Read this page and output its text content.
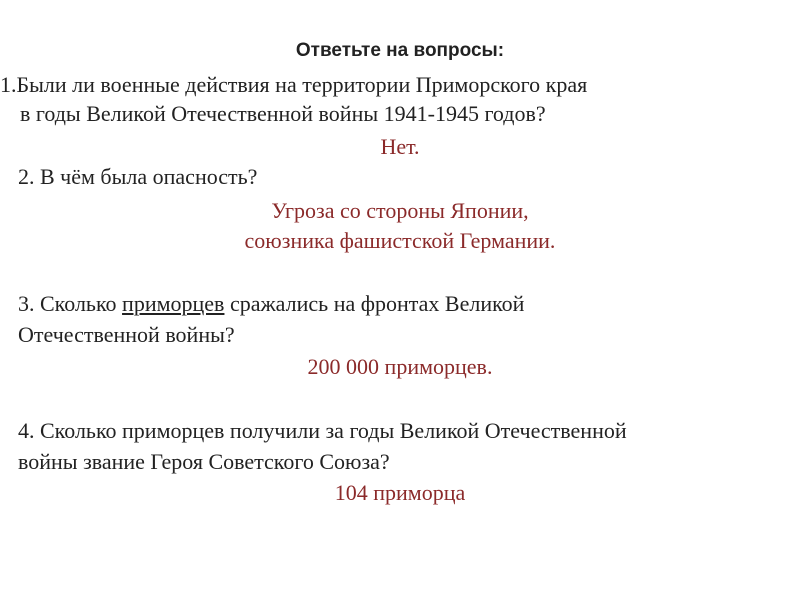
Ответьте на вопросы:
1.Были ли военные действия на территории Приморского края
в годы Великой Отечественной войны 1941-1945 годов?
Нет.
2. В чём была опасность?
Угроза со стороны Японии,
союзника фашистской Германии.
3. Сколько приморцев сражались на фронтах Великой
Отечественной войны?
200 000 приморцев.
4. Сколько приморцев получили за годы Великой Отечественной
войны звание Героя Советского Союза?
104 приморца
